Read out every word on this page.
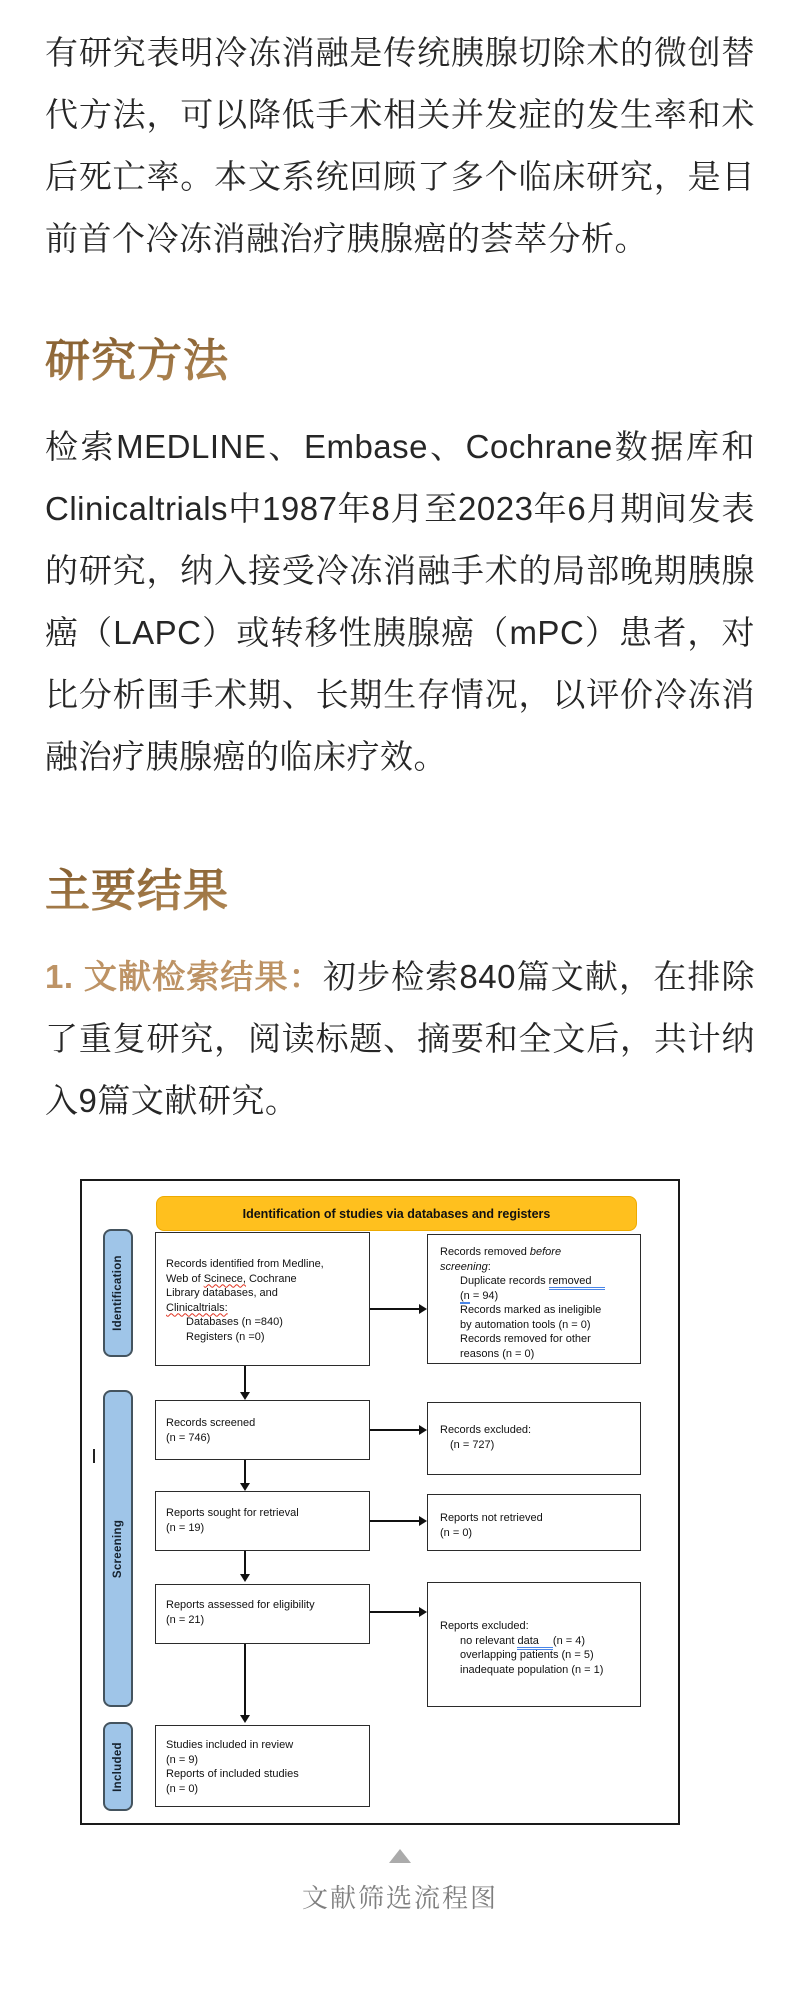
有研究表明冷冻消融是传统胰腺切除术的微创替代方法，可以降低手术相关并发症的发生率和术后死亡率。本文系统回顾了多个临床研究，是目前首个冷冻消融治疗胰腺癌的荟萃分析。

研究方法

检索MEDLINE、Embase、Cochrane数据库和Clinicaltrials中1987年8月至2023年6月期间发表的研究，纳入接受冷冻消融手术的局部晚期胰腺癌（LAPC）或转移性胰腺癌（mPC）患者，对比分析围手术期、长期生存情况，以评价冷冻消融治疗胰腺癌的临床疗效。

主要结果

1. 文献检索结果：初步检索840篇文献，在排除了重复研究，阅读标题、摘要和全文后，共计纳入9篇文献研究。

Identification of studies via databases and registers
Identification
Screening
Included
Records identified from Medline,
Web of Scinece, Cochrane
Library databases, and
Clinicaltrials:
Databases (n =840)
Registers (n =0)
Records removed before
screening:
Duplicate records removed
(n = 94)
Records marked as ineligible
by automation tools (n = 0)
Records removed for other
reasons (n = 0)
Records screened
(n = 746)
Records excluded:
(n = 727)
Reports sought for retrieval
(n = 19)
Reports not retrieved
(n = 0)
Reports assessed for eligibility
(n = 21)
Reports excluded:
no relevant data (n = 4)
overlapping patients (n = 5)
inadequate population (n = 1)
Studies included in review
(n = 9)
Reports of included studies
(n = 0)
文献筛选流程图
